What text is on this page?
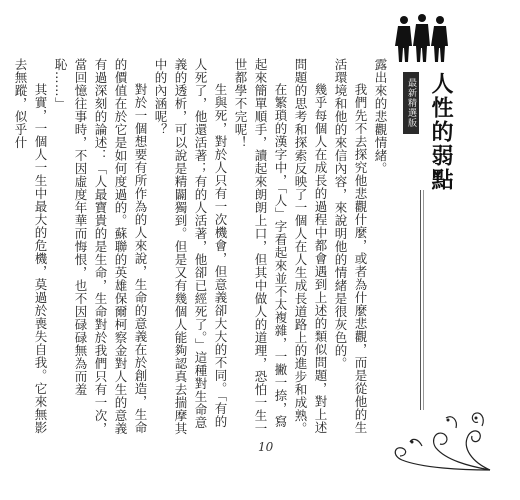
最新精選版 人性的弱點

露出來的悲觀情緒。

我們先不去探究他悲觀什麼，或者為什麼悲觀，而是從他的生活環境和他的來信內容，來說明他的情緒是很灰色的。

幾乎每個人在成長的過程中都會遇到上述的類似問題，對上述問題的思考和探索反映了一個人在人生成長道路上的進步和成熟。

在繁瑣的漢字中，「人」字看起來並不太複雜，一撇一捺，寫起來簡單順手，讀起來朗朗上口，但其中做人的道理，恐怕一生一世都學不完呢！

生與死，對於人只有一次機會，但意義卻大大的不同。「有的人死了，他還活著；有的人活著，他卻已經死了。」這種對生命意義的透析，可以說是精闢獨到。但是又有幾個人能夠認真去揣摩其中的內涵呢？

對於一個想要有所作為的人來說，生命的意義在於創造，生命的價值在於它是如何度過的。蘇聯的英雄保爾柯察金對人生的意義有過深刻的論述：「人最寶貴的是生命，生命對於我們只有一次，當回憶往事時，不因虛度年華而悔恨，也不因碌碌無為而羞恥……」

其實，一個人一生中最大的危機，莫過於喪失自我。它來無影去無蹤，似乎什

10
